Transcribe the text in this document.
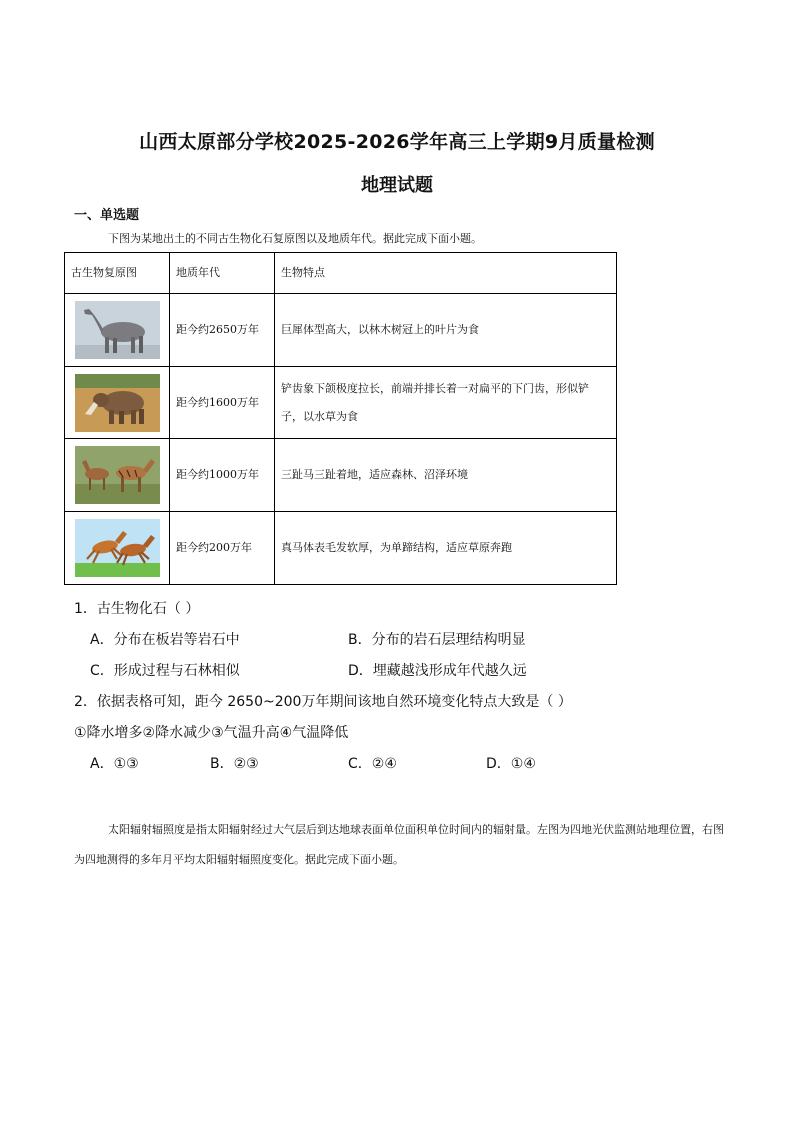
山西太原部分学校2025-2026学年高三上学期9月质量检测
地理试题
一、单选题
下图为某地出土的不同古生物化石复原图以及地质年代。据此完成下面小题。
古生物复原图	地质年代	生物特点

	距今约2650万年	巨犀体型高大，以林木树冠上的叶片为食

	距今约1600万年	铲齿象下颌极度拉长，前端并排长着一对扁平的下门齿，形似铲子，以水草为食

	距今约1000万年	三趾马三趾着地，适应森林、沼泽环境

	距今约200万年	真马体表毛发软厚，为单蹄结构，适应草原奔跑
1．古生物化石（ ）
A．分布在板岩等岩石中	B．分布的岩石层理结构明显
C．形成过程与石林相似	D．埋藏越浅形成年代越久远
2．依据表格可知，距今 2650~200万年期间该地自然环境变化特点大致是（ ）
①降水增多②降水减少③气温升高④气温降低
A．①③	B．②③	C．②④	D．①④
太阳辐射辐照度是指太阳辐射经过大气层后到达地球表面单位面积单位时间内的辐射量。左图为四地光伏监测站地理位置，右图为四地测得的多年月平均太阳辐射辐照度变化。据此完成下面小题。
